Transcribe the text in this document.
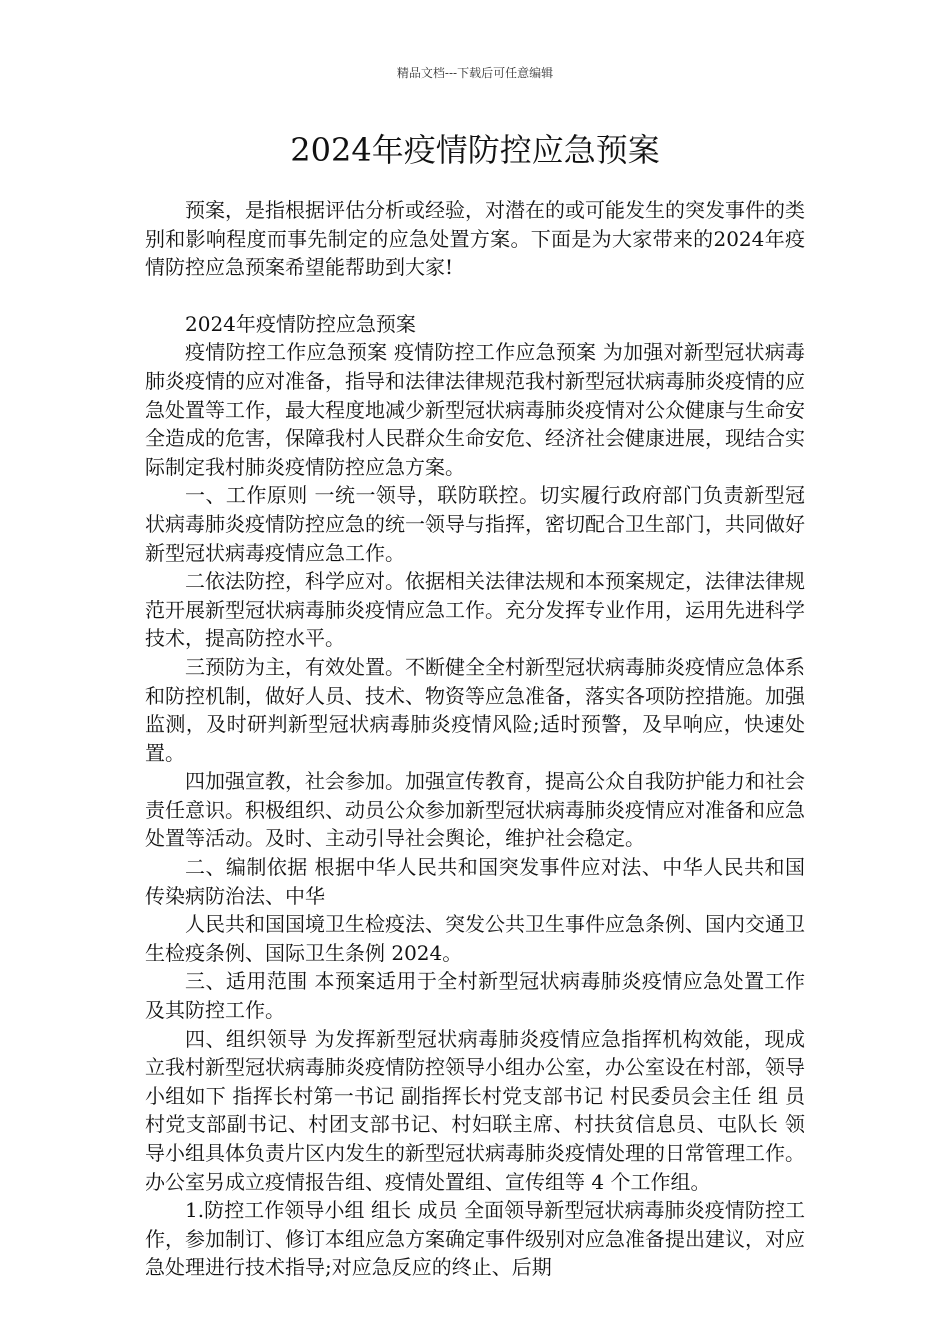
精品文档---下载后可任意编辑
2024年疫情防控应急预案

预案，是指根据评估分析或经验，对潜在的或可能发生的突发事件的类别和影响程度而事先制定的应急处置方案。下面是为大家带来的2024年疫情防控应急预案希望能帮助到大家!

2024年疫情防控应急预案

疫情防控工作应急预案 疫情防控工作应急预案 为加强对新型冠状病毒肺炎疫情的应对准备，指导和法律法律规范我村新型冠状病毒肺炎疫情的应急处置等工作，最大程度地减少新型冠状病毒肺炎疫情对公众健康与生命安全造成的危害，保障我村人民群众生命安危、经济社会健康进展，现结合实际制定我村肺炎疫情防控应急方案。

一、工作原则 一统一领导，联防联控。切实履行政府部门负责新型冠状病毒肺炎疫情防控应急的统一领导与指挥，密切配合卫生部门，共同做好新型冠状病毒疫情应急工作。

二依法防控，科学应对。依据相关法律法规和本预案规定，法律法律规范开展新型冠状病毒肺炎疫情应急工作。充分发挥专业作用，运用先进科学技术，提高防控水平。

三预防为主，有效处置。不断健全全村新型冠状病毒肺炎疫情应急体系和防控机制，做好人员、技术、物资等应急准备，落实各项防控措施。加强监测，及时研判新型冠状病毒肺炎疫情风险;适时预警，及早响应，快速处置。

四加强宣教，社会参加。加强宣传教育，提高公众自我防护能力和社会责任意识。积极组织、动员公众参加新型冠状病毒肺炎疫情应对准备和应急处置等活动。及时、主动引导社会舆论，维护社会稳定。

二、编制依据 根据中华人民共和国突发事件应对法、中华人民共和国传染病防治法、中华

人民共和国国境卫生检疫法、突发公共卫生事件应急条例、国内交通卫生检疫条例、国际卫生条例 2024。

三、适用范围 本预案适用于全村新型冠状病毒肺炎疫情应急处置工作及其防控工作。

四、组织领导 为发挥新型冠状病毒肺炎疫情应急指挥机构效能，现成立我村新型冠状病毒肺炎疫情防控领导小组办公室，办公室设在村部，领导小组如下 指挥长村第一书记 副指挥长村党支部书记 村民委员会主任 组 员村党支部副书记、村团支部书记、村妇联主席、村扶贫信息员、屯队长 领导小组具体负责片区内发生的新型冠状病毒肺炎疫情处理的日常管理工作。办公室另成立疫情报告组、疫情处置组、宣传组等 4 个工作组。

1.防控工作领导小组 组长 成员 全面领导新型冠状病毒肺炎疫情防控工作，参加制订、修订本组应急方案确定事件级别对应急准备提出建议，对应急处理进行技术指导;对应急反应的终止、后期
